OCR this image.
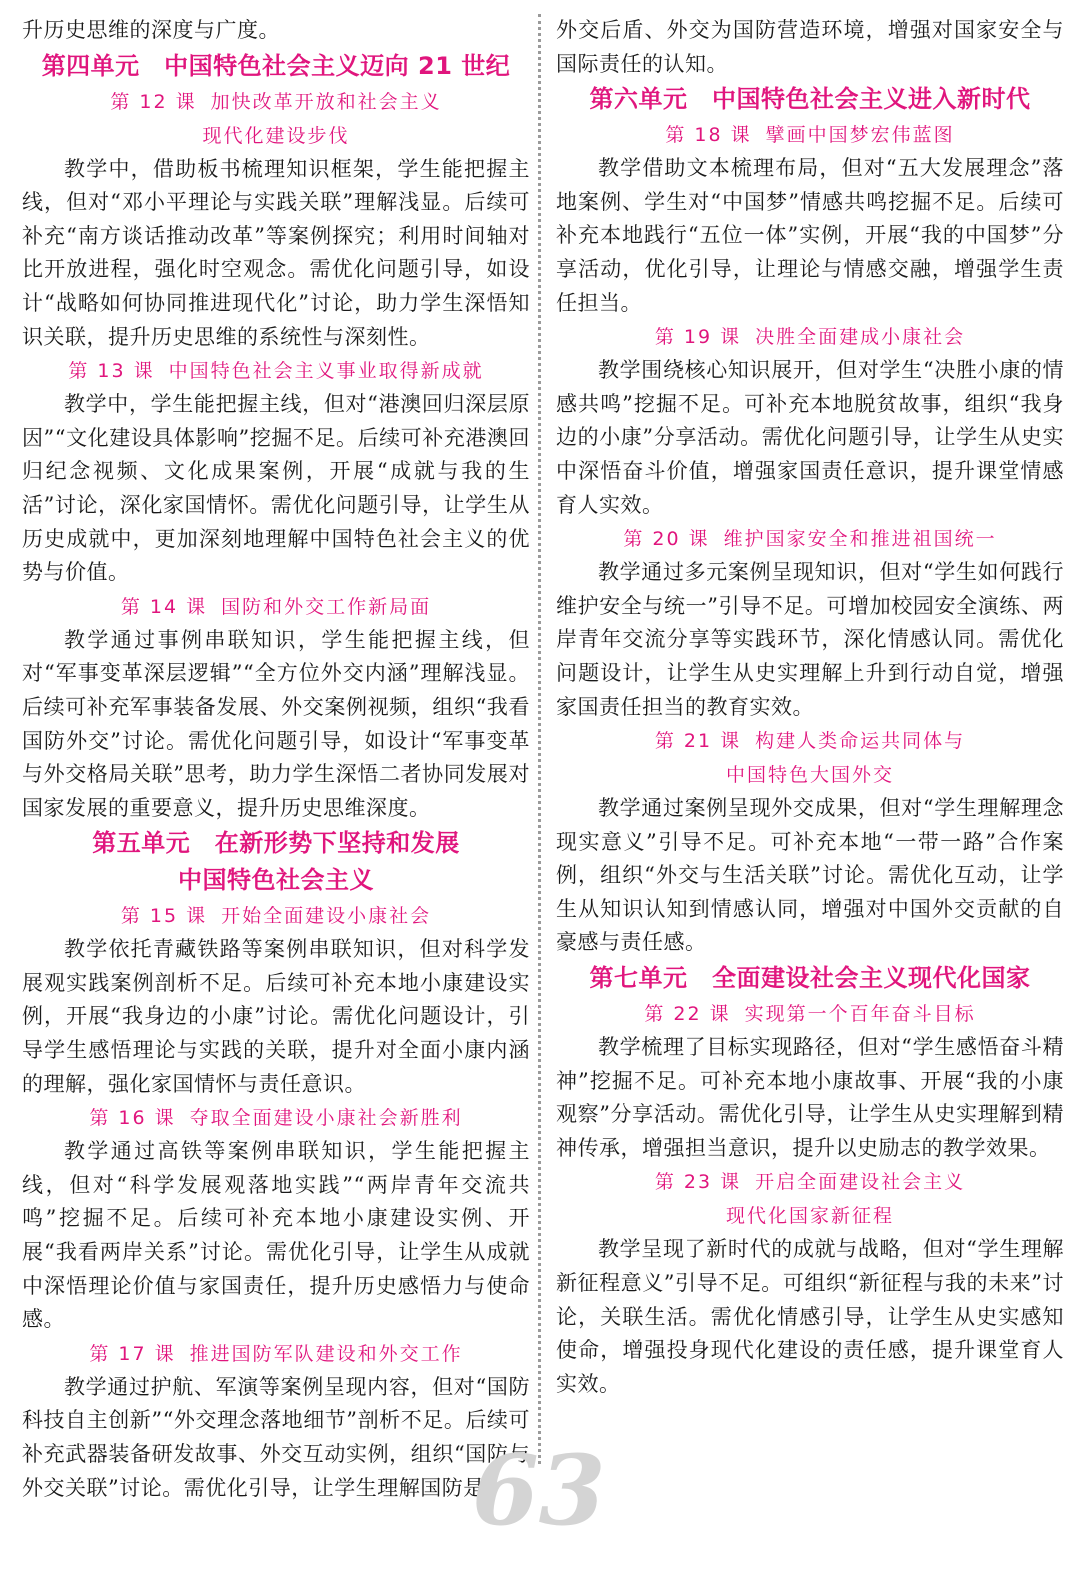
升历史思维的深度与广度。

第四单元　中国特色社会主义迈向 21 世纪
第 12 课 加快改革开放和社会主义
现代化建设步伐

教学中，借助板书梳理知识框架，学生能把握主线，但对“邓小平理论与实践关联”理解浅显。后续可补充“南方谈话推动改革”等案例探究；利用时间轴对比开放进程，强化时空观念。需优化问题引导，如设计“战略如何协同推进现代化”讨论，助力学生深悟知识关联，提升历史思维的系统性与深刻性。

第 13 课 中国特色社会主义事业取得新成就

教学中，学生能把握主线，但对“港澳回归深层原因”“文化建设具体影响”挖掘不足。后续可补充港澳回归纪念视频、文化成果案例，开展“成就与我的生活”讨论，深化家国情怀。需优化问题引导，让学生从历史成就中，更加深刻地理解中国特色社会主义的优势与价值。

第 14 课 国防和外交工作新局面

教学通过事例串联知识，学生能把握主线，但对“军事变革深层逻辑”“全方位外交内涵”理解浅显。后续可补充军事装备发展、外交案例视频，组织“我看国防外交”讨论。需优化问题引导，如设计“军事变革与外交格局关联”思考，助力学生深悟二者协同发展对国家发展的重要意义，提升历史思维深度。

第五单元　在新形势下坚持和发展
中国特色社会主义
第 15 课 开始全面建设小康社会

教学依托青藏铁路等案例串联知识，但对科学发展观实践案例剖析不足。后续可补充本地小康建设实例，开展“我身边的小康”讨论。需优化问题设计，引导学生感悟理论与实践的关联，提升对全面小康内涵的理解，强化家国情怀与责任意识。

第 16 课 夺取全面建设小康社会新胜利

教学通过高铁等案例串联知识，学生能把握主线，但对“科学发展观落地实践”“两岸青年交流共鸣”挖掘不足。后续可补充本地小康建设实例、开展“我看两岸关系”讨论。需优化引导，让学生从成就中深悟理论价值与家国责任，提升历史感悟力与使命感。

第 17 课 推进国防军队建设和外交工作

教学通过护航、军演等案例呈现内容，但对“国防科技自主创新”“外交理念落地细节”剖析不足。后续可补充武器装备研发故事、外交互动实例，组织“国防与外交关联”讨论。需优化引导，让学生理解国防是

外交后盾、外交为国防营造环境，增强对国家安全与国际责任的认知。

第六单元　中国特色社会主义进入新时代
第 18 课 擘画中国梦宏伟蓝图

教学借助文本梳理布局，但对“五大发展理念”落地案例、学生对“中国梦”情感共鸣挖掘不足。后续可补充本地践行“五位一体”实例，开展“我的中国梦”分享活动，优化引导，让理论与情感交融，增强学生责任担当。

第 19 课 决胜全面建成小康社会

教学围绕核心知识展开，但对学生“决胜小康的情感共鸣”挖掘不足。可补充本地脱贫故事，组织“我身边的小康”分享活动。需优化问题引导，让学生从史实中深悟奋斗价值，增强家国责任意识，提升课堂情感育人实效。

第 20 课 维护国家安全和推进祖国统一

教学通过多元案例呈现知识，但对“学生如何践行维护安全与统一”引导不足。可增加校园安全演练、两岸青年交流分享等实践环节，深化情感认同。需优化问题设计，让学生从史实理解上升到行动自觉，增强家国责任担当的教育实效。

第 21 课 构建人类命运共同体与
中国特色大国外交

教学通过案例呈现外交成果，但对“学生理解理念现实意义”引导不足。可补充本地“一带一路”合作案例，组织“外交与生活关联”讨论。需优化互动，让学生从知识认知到情感认同，增强对中国外交贡献的自豪感与责任感。

第七单元　全面建设社会主义现代化国家
第 22 课 实现第一个百年奋斗目标

教学梳理了目标实现路径，但对“学生感悟奋斗精神”挖掘不足。可补充本地小康故事、开展“我的小康观察”分享活动。需优化引导，让学生从史实理解到精神传承，增强担当意识，提升以史励志的教学效果。

第 23 课 开启全面建设社会主义
现代化国家新征程

教学呈现了新时代的成就与战略，但对“学生理解新征程意义”引导不足。可组织“新征程与我的未来”讨论，关联生活。需优化情感引导，让学生从史实感知使命，增强投身现代化建设的责任感，提升课堂育人实效。

63
